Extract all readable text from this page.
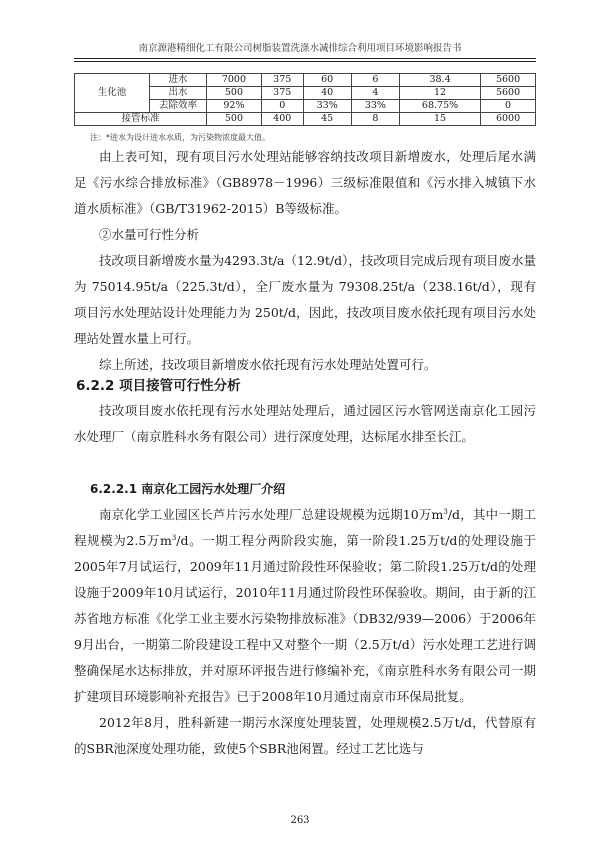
南京源港精细化工有限公司树脂装置洗涤水减排综合利用项目环境影响报告书
生化池	进水	7000	375	60	6	38.4	5600
	出水	500	375	40	4	12	5600
	去除效率	92%	0	33%	33%	68.75%	0
接管标准		500	400	45	8	15	6000
注：*进水为设计进水水质，为污染物浓度最大值。

由上表可知，现有项目污水处理站能够容纳技改项目新增废水，处理后尾水满足《污水综合排放标准》（GB8978－1996）三级标准限值和《污水排入城镇下水道水质标准》（GB/T31962-2015）B等级标准。

②水量可行性分析

技改项目新增废水量为4293.3t/a（12.9t/d），技改项目完成后现有项目废水量为 75014.95t/a（225.3t/d），全厂废水量为 79308.25t/a（238.16t/d），现有项目污水处理站设计处理能力为 250t/d，因此，技改项目废水依托现有项目污水处理站处置水量上可行。

综上所述，技改项目新增废水依托现有污水处理站处置可行。

6.2.2 项目接管可行性分析

技改项目废水依托现有污水处理站处理后，通过园区污水管网送南京化工园污水处理厂（南京胜科水务有限公司）进行深度处理，达标尾水排至长江。

6.2.2.1 南京化工园污水处理厂介绍

南京化学工业园区长芦片污水处理厂总建设规模为远期10万$m^3/d$，其中一期工程规模为2.5万$m^3/d$。一期工程分两阶段实施，第一阶段1.25万t/d的处理设施于2005年7月试运行，2009年11月通过阶段性环保验收；第二阶段1.25万t/d的处理设施于2009年10月试运行，2010年11月通过阶段性环保验收。期间，由于新的江苏省地方标准《化学工业主要水污染物排放标准》（DB32/939—2006）于2006年9月出台，一期第二阶段建设工程中又对整个一期（2.5万t/d）污水处理工艺进行调整确保尾水达标排放，并对原环评报告进行修编补充，《南京胜科水务有限公司一期扩建项目环境影响补充报告》已于2008年10月通过南京市环保局批复。

2012年8月，胜科新建一期污水深度处理装置，处理规模2.5万t/d，代替原有的SBR池深度处理功能，致使5个SBR池闲置。经过工艺比选与

263
